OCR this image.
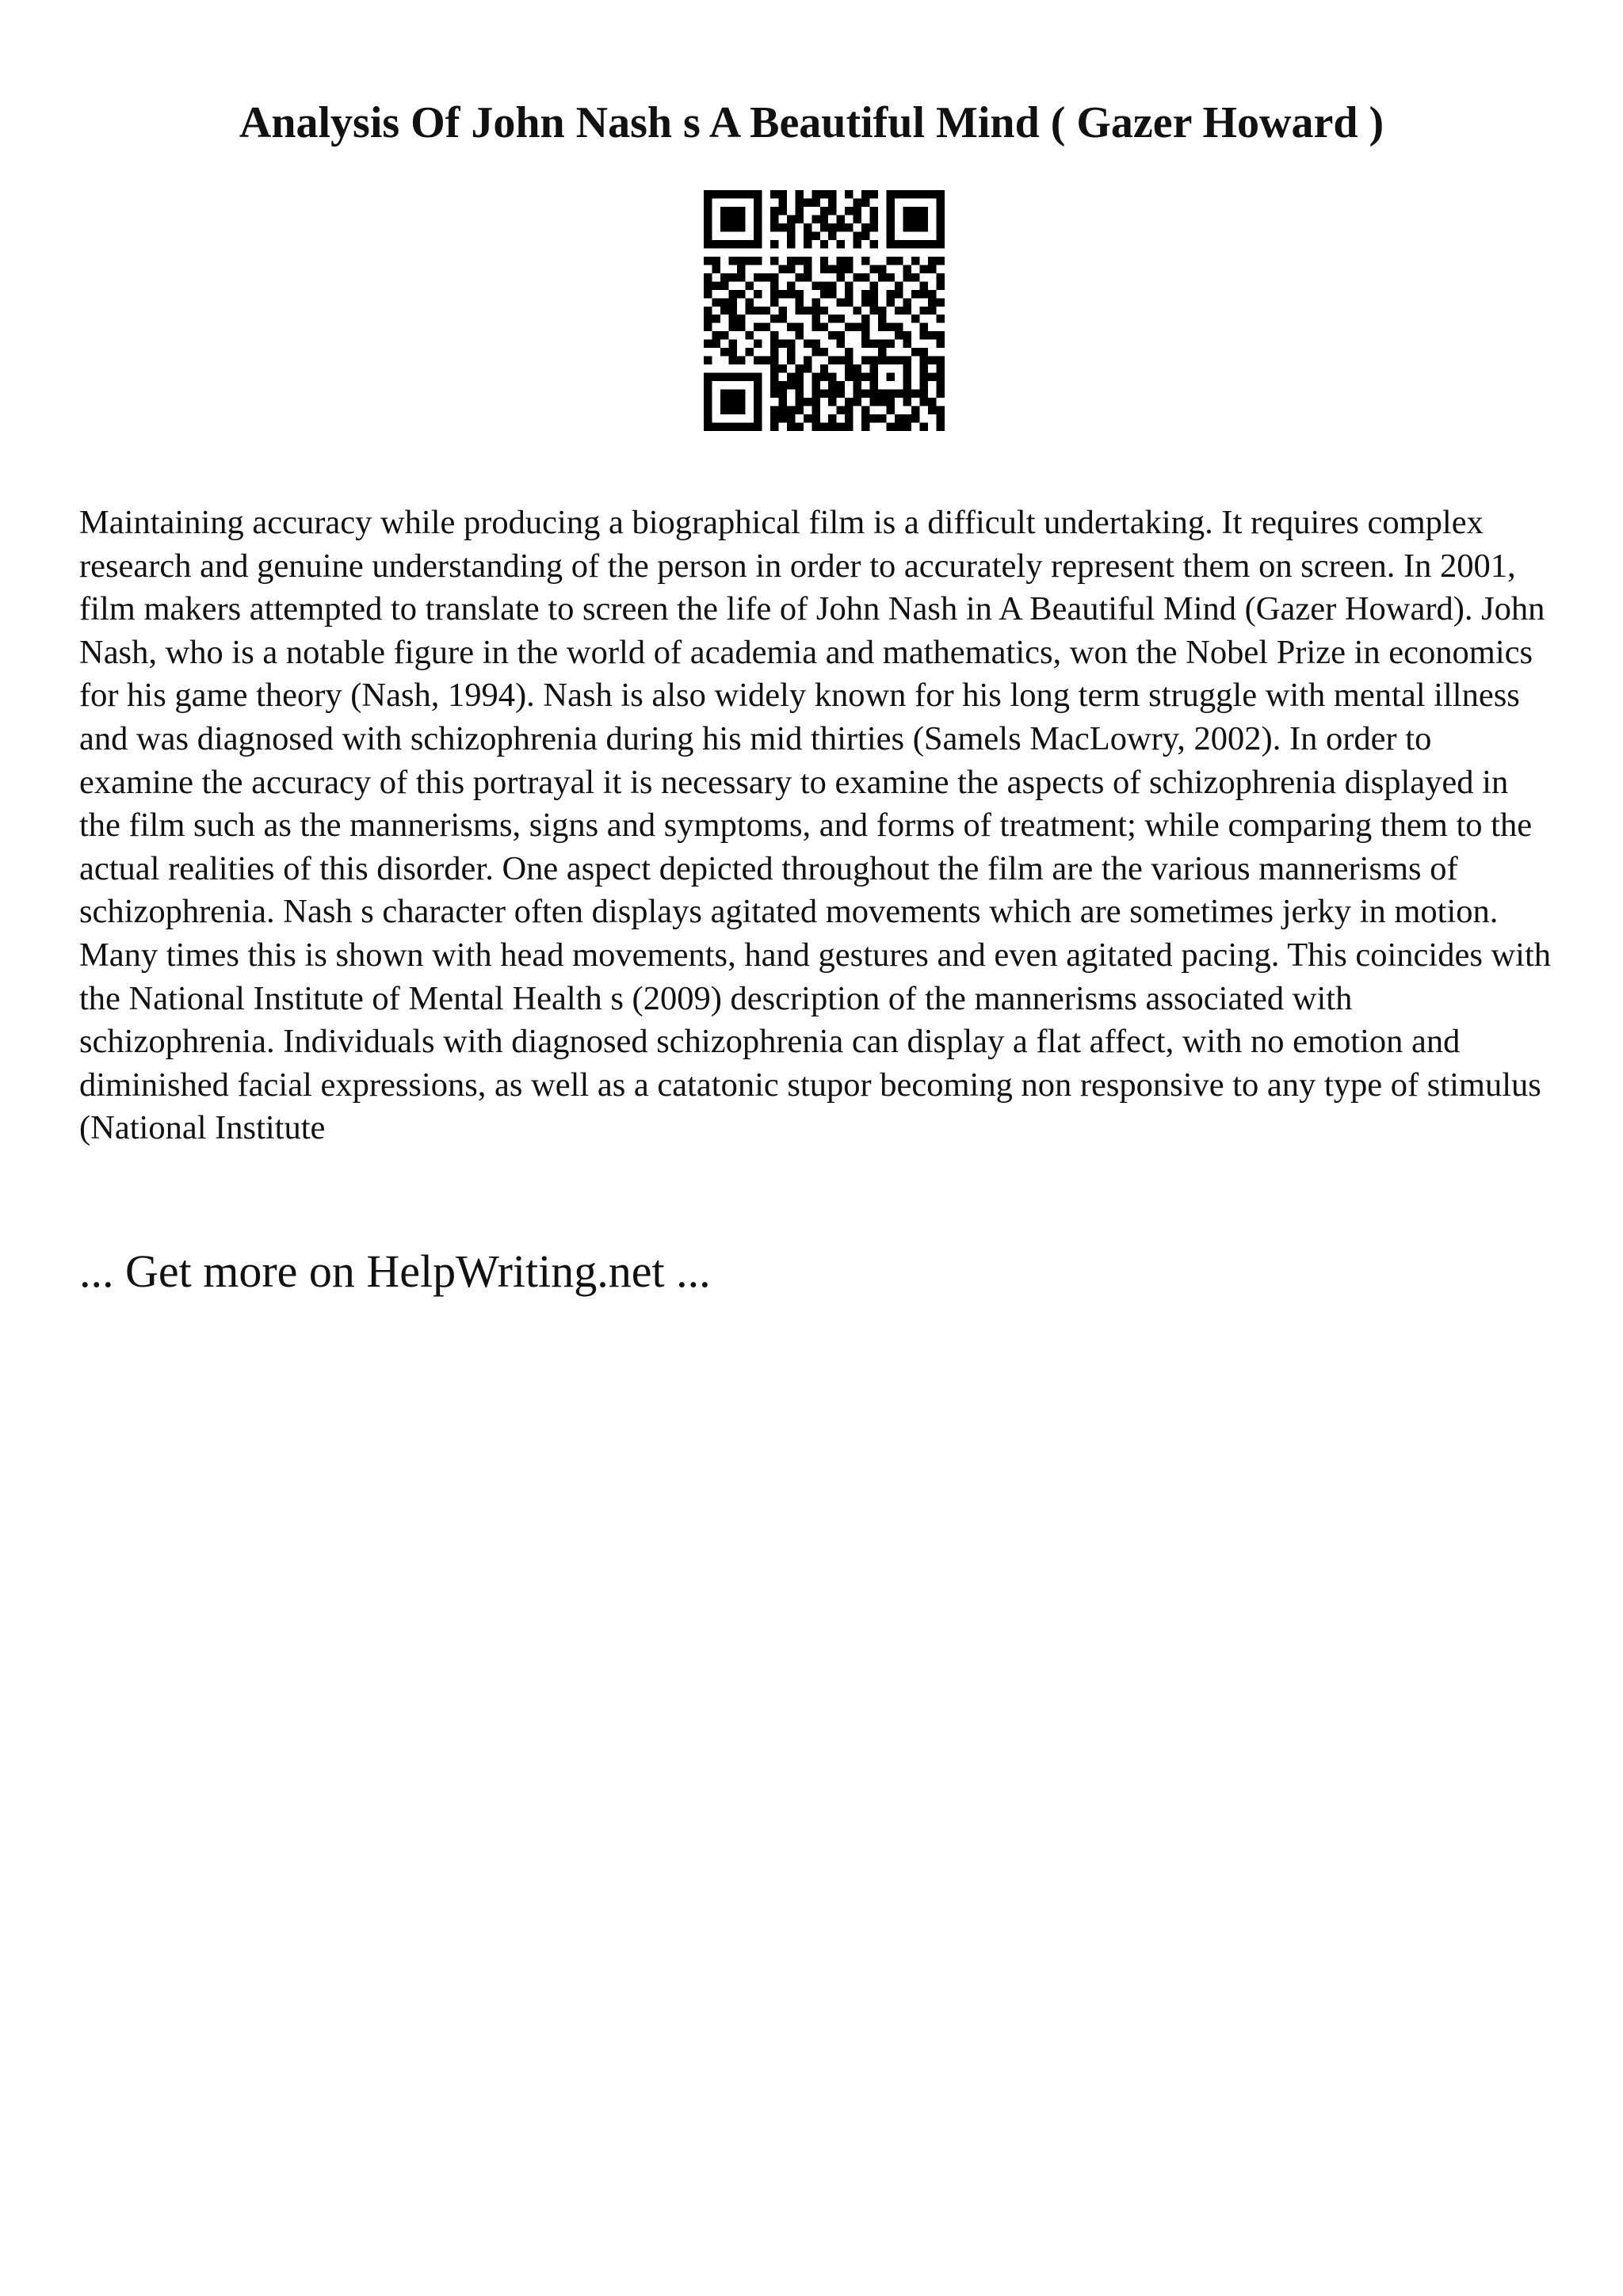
Analysis Of John Nash s A Beautiful Mind ( Gazer Howard )

Maintaining accuracy while producing a biographical film is a difficult undertaking. It requires complex research and genuine understanding of the person in order to accurately represent them on screen. In 2001, film makers attempted to translate to screen the life of John Nash in A Beautiful Mind (Gazer Howard). John Nash, who is a notable figure in the world of academia and mathematics, won the Nobel Prize in economics for his game theory (Nash, 1994). Nash is also widely known for his long term struggle with mental illness and was diagnosed with schizophrenia during his mid thirties (Samels MacLowry, 2002). In order to examine the accuracy of this portrayal it is necessary to examine the aspects of schizophrenia displayed in the film such as the mannerisms, signs and symptoms, and forms of treatment; while comparing them to the actual realities of this disorder. One aspect depicted throughout the film are the various mannerisms of schizophrenia. Nash s character often displays agitated movements which are sometimes jerky in motion. Many times this is shown with head movements, hand gestures and even agitated pacing. This coincides with the National Institute of Mental Health s (2009) description of the mannerisms associated with schizophrenia. Individuals with diagnosed schizophrenia can display a flat affect, with no emotion and diminished facial expressions, as well as a catatonic stupor becoming non responsive to any type of stimulus (National Institute

... Get more on HelpWriting.net ...
